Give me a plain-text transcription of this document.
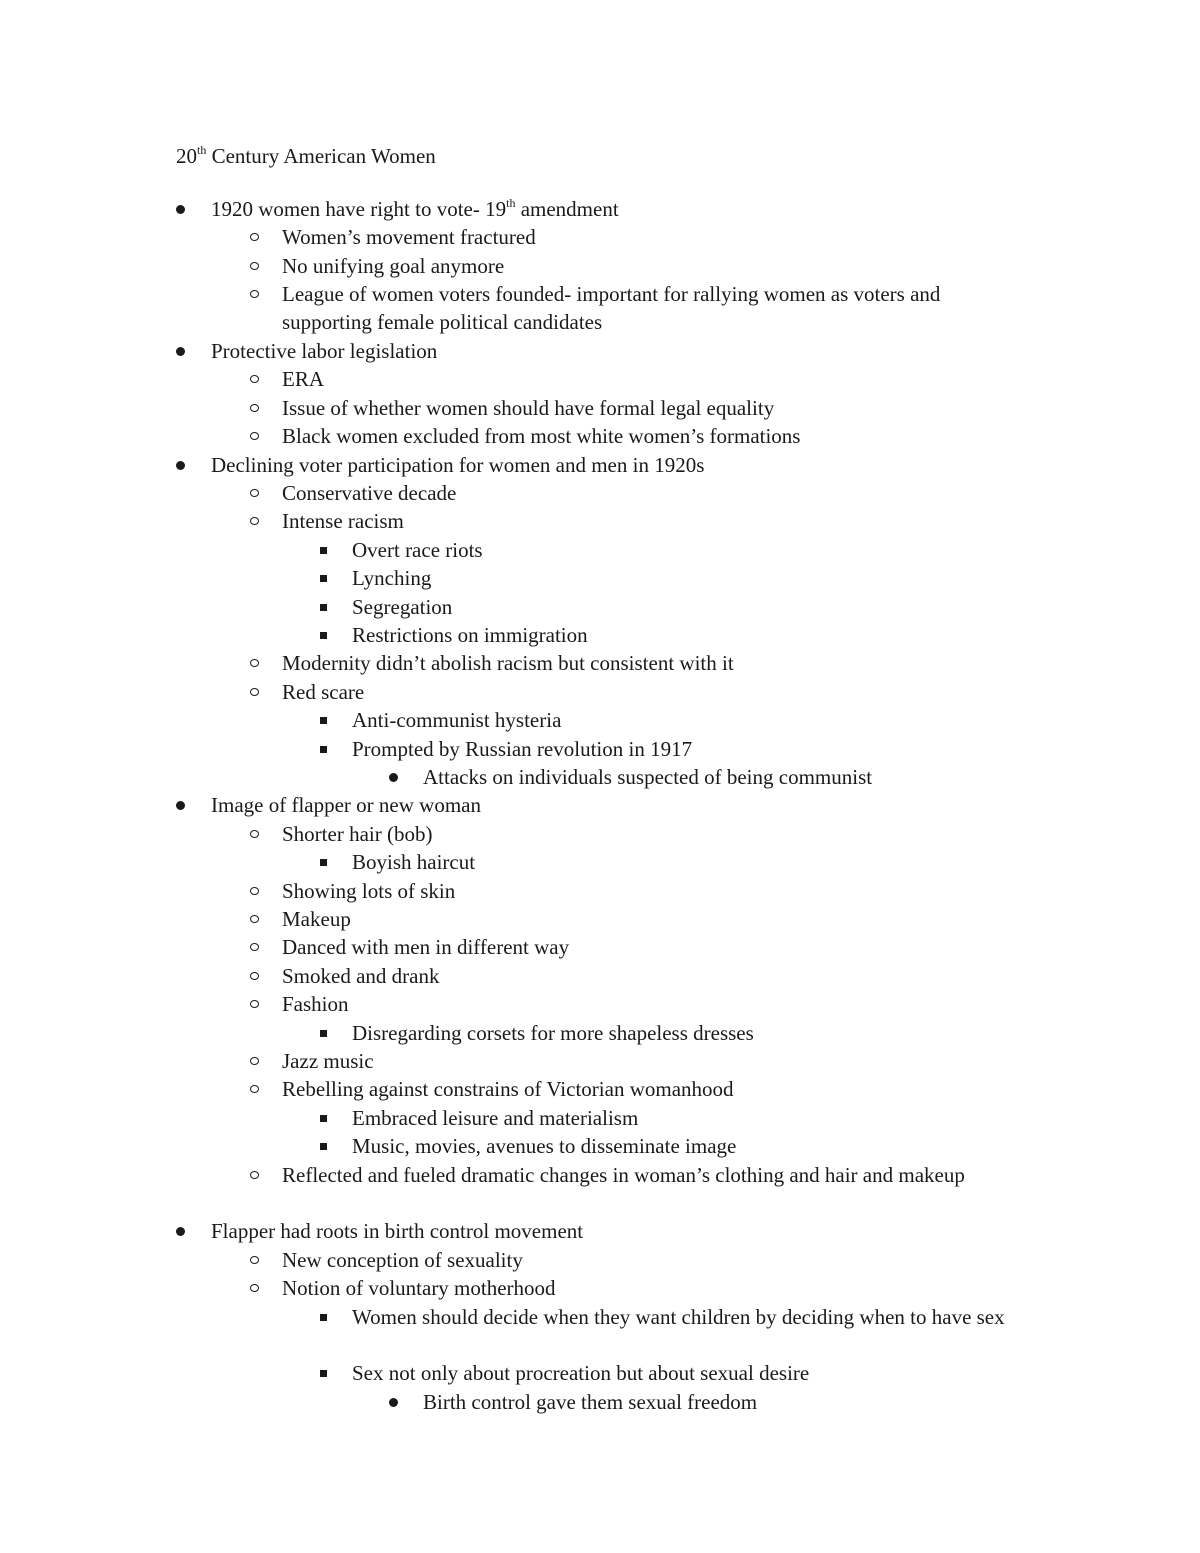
20th Century American Women
1920 women have right to vote- 19th amendment
Women’s movement fractured
No unifying goal anymore
League of women voters founded- important for rallying women as voters and supporting female political candidates
Protective labor legislation
ERA
Issue of whether women should have formal legal equality
Black women excluded from most white women’s formations
Declining voter participation for women and men in 1920s
Conservative decade
Intense racism
Overt race riots
Lynching
Segregation
Restrictions on immigration
Modernity didn’t abolish racism but consistent with it
Red scare
Anti-communist hysteria
Prompted by Russian revolution in 1917
Attacks on individuals suspected of being communist
Image of flapper or new woman
Shorter hair (bob)
Boyish haircut
Showing lots of skin
Makeup
Danced with men in different way
Smoked and drank
Fashion
Disregarding corsets for more shapeless dresses
Jazz music
Rebelling against constrains of Victorian womanhood
Embraced leisure and materialism
Music, movies, avenues to disseminate image
Reflected and fueled dramatic changes in woman’s clothing and hair and makeup
Flapper had roots in birth control movement
New conception of sexuality
Notion of voluntary motherhood
Women should decide when they want children by deciding when to have sex
Sex not only about procreation but about sexual desire
Birth control gave them sexual freedom
